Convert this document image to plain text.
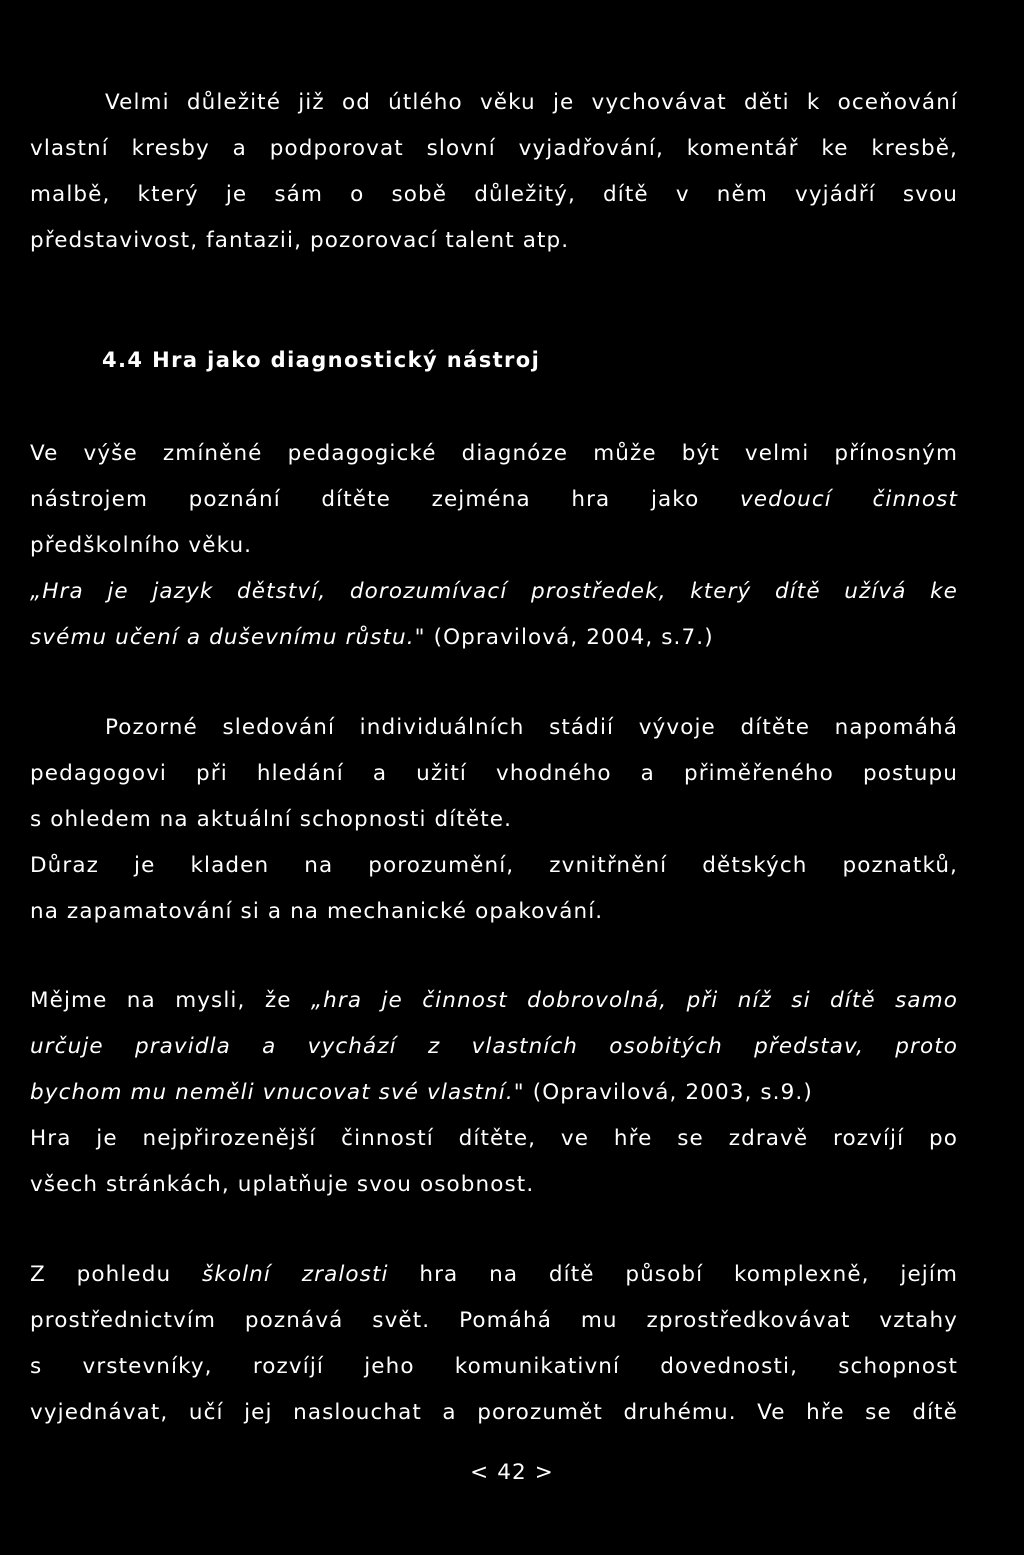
Velmi důležité již od útlého věku je vychovávat děti k oceňování
vlastní kresby a podporovat slovní vyjadřování, komentář ke kresbě,
malbě, který je sám o sobě důležitý, dítě v něm vyjádří svou
představivost, fantazii, pozorovací talent atp.
4.4 Hra jako diagnostický nástroj
Ve výše zmíněné pedagogické diagnóze může být velmi přínosným
nástrojem poznání dítěte zejména hra jako vedoucí činnost
předškolního věku.
„Hra je jazyk dětství, dorozumívací prostředek, který dítě užívá ke
svému učení a duševnímu růstu." (Opravilová, 2004, s.7.)
Pozorné sledování individuálních stádií vývoje dítěte napomáhá
pedagogovi při hledání a užití vhodného a přiměřeného postupu
s ohledem na aktuální schopnosti dítěte.
Důraz je kladen na porozumění, zvnitřnění dětských poznatků,
na zapamatování si a na mechanické opakování.
Mějme na mysli, že „hra je činnost dobrovolná, při níž si dítě samo
určuje pravidla a vychází z vlastních osobitých představ, proto
bychom mu neměli vnucovat své vlastní." (Opravilová, 2003, s.9.)
Hra je nejpřirozenější činností dítěte, ve hře se zdravě rozvíjí po
všech stránkách, uplatňuje svou osobnost.
Z pohledu školní zralosti hra na dítě působí komplexně, jejím
prostřednictvím poznává svět. Pomáhá mu zprostředkovávat vztahy
s vrstevníky, rozvíjí jeho komunikativní dovednosti, schopnost
vyjednávat, učí jej naslouchat a porozumět druhému. Ve hře se dítě
< 42 >
